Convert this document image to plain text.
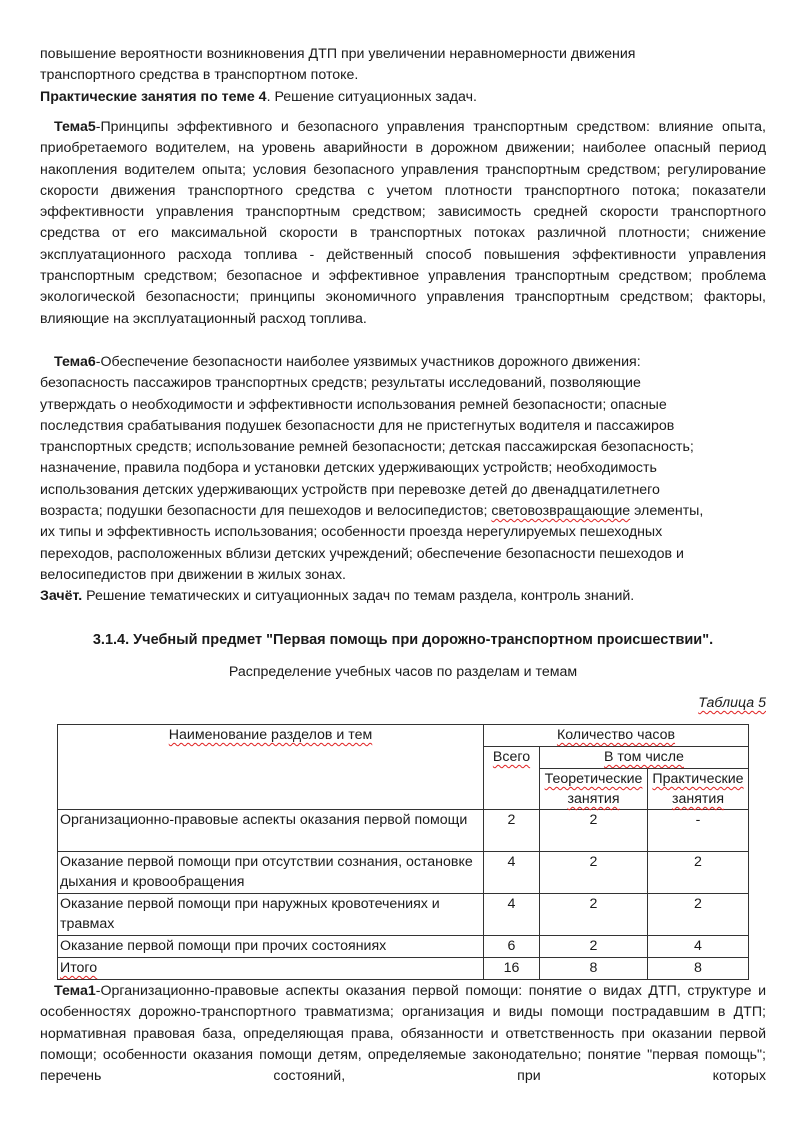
повышение вероятности возникновения ДТП при увеличении неравномерности движения

транспортного средства в транспортном потоке.

Практические занятия по теме 4. Решение ситуационных задач.

Тема5-Принципы эффективного и безопасного управления транспортным средством: влияние опыта, приобретаемого водителем, на уровень аварийности в дорожном движении; наиболее опасный период накопления водителем опыта; условия безопасного управления транспортным средством; регулирование скорости движения транспортного средства с учетом плотности транспортного потока; показатели эффективности управления транспортным средством; зависимость средней скорости транспортного средства от его максимальной скорости в транспортных потоках различной плотности; снижение эксплуатационного расхода топлива - действенный способ повышения эффективности управления транспортным средством; безопасное и эффективное управления транспортным средством; проблема экологической безопасности; принципы экономичного управления транспортным средством; факторы, влияющие на эксплуатационный расход топлива.

Тема6-Обеспечение безопасности наиболее уязвимых участников дорожного движения:

безопасность пассажиров транспортных средств; результаты исследований, позволяющие

утверждать о необходимости и эффективности использования ремней безопасности; опасные

последствия срабатывания подушек безопасности для не пристегнутых водителя и пассажиров

транспортных средств; использование ремней безопасности; детская пассажирская безопасность;

назначение, правила подбора и установки детских удерживающих устройств; необходимость

использования детских удерживающих устройств при перевозке детей до двенадцатилетнего

возраста; подушки безопасности для пешеходов и велосипедистов; световозвращающие элементы,

их типы и эффективность использования; особенности проезда нерегулируемых пешеходных

переходов, расположенных вблизи детских учреждений; обеспечение безопасности пешеходов и

велосипедистов при движении в жилых зонах.

Зачёт. Решение тематических и ситуационных задач по темам раздела, контроль знаний.

3.1.4. Учебный предмет "Первая помощь при дорожно-транспортном происшествии".

Распределение учебных часов по разделам и темам

Таблица 5

Наименование разделов и тем	Количество часов		
	Всего	В том числе	
		Теоретические занятия	Практические занятия
Организационно-правовые аспекты оказания первой помощи	2	2	-
Оказание первой помощи при отсутствии сознания, остановке дыхания и кровообращения	4	2	2
Оказание первой помощи при наружных кровотечениях и травмах	4	2	2
Оказание первой помощи при прочих состояниях	6	2	4
Итого	16	8	8

Тема1-Организационно-правовые аспекты оказания первой помощи: понятие о видах ДТП, структуре и особенностях дорожно-транспортного травматизма; организация и виды помощи пострадавшим в ДТП; нормативная правовая база, определяющая права, обязанности и ответственность при оказании первой помощи; особенности оказания помощи детям, определяемые законодательно; понятие "первая помощь"; перечень состояний, при которых
